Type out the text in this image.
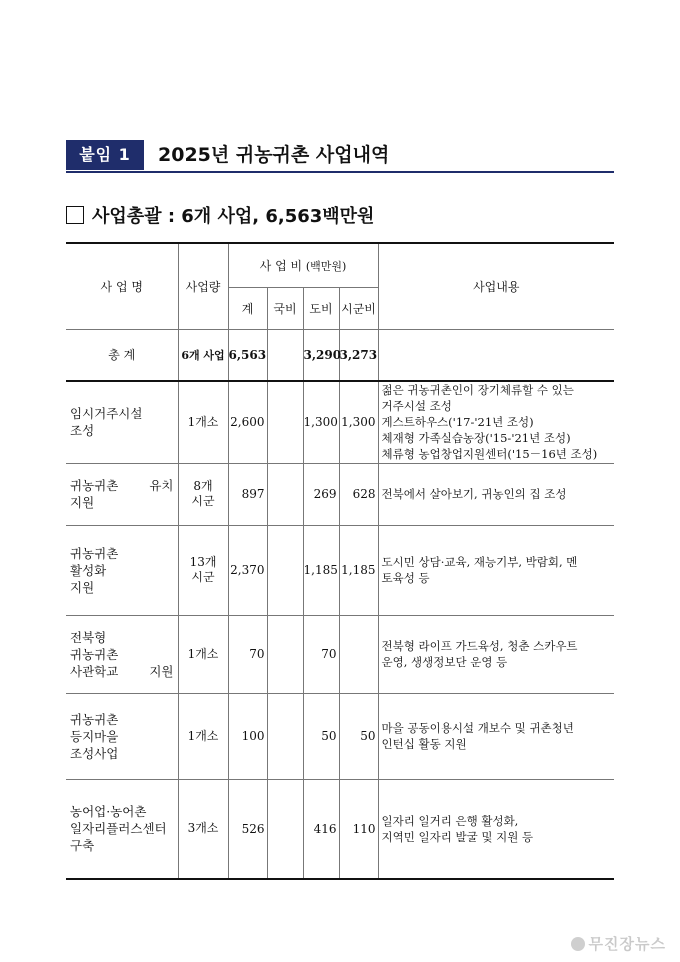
붙임 1	2025년 귀농귀촌 사업내역
사업총괄 : 6개 사업, 6,563백만원
사 업 명	사업량	사 업 비 (백만원)				사업내용
		계	국비	도비	시군비	
총 계	6개 사업	6,563		3,290	3,273	

임시거주시설
조성	1개소	2,600		1,300	1,300	젊은 귀농귀촌인이 장기체류할 수 있는
거주시설 조성
게스트하우스('17-'21년 조성)
체재형 가족실습농장('15-'21년 조성)
체류형 농업창업지원센터('15－16년 조성)

귀농귀촌 유치
지원	8개
시군	897		269	628	전북에서 살아보기, 귀농인의 집 조성

귀농귀촌
활성화
지원	13개
시군	2,370		1,185	1,185	도시민 상담·교육, 재능기부, 박람회, 멘
토육성 등

전북형
귀농귀촌
사관학교 지원	1개소	70		70		전북형 라이프 가드육성, 청춘 스카우트
운영, 생생정보단 운영 등

귀농귀촌
등지마을
조성사업	1개소	100		50	50	마을 공동이용시설 개보수 및 귀촌청년
인턴십 활동 지원

농어업·농어촌
일자리플러스센터
구축	3개소	526		416	110	일자리 일거리 은행 활성화,
지역민 일자리 발굴 및 지원 등
무진장뉴스
